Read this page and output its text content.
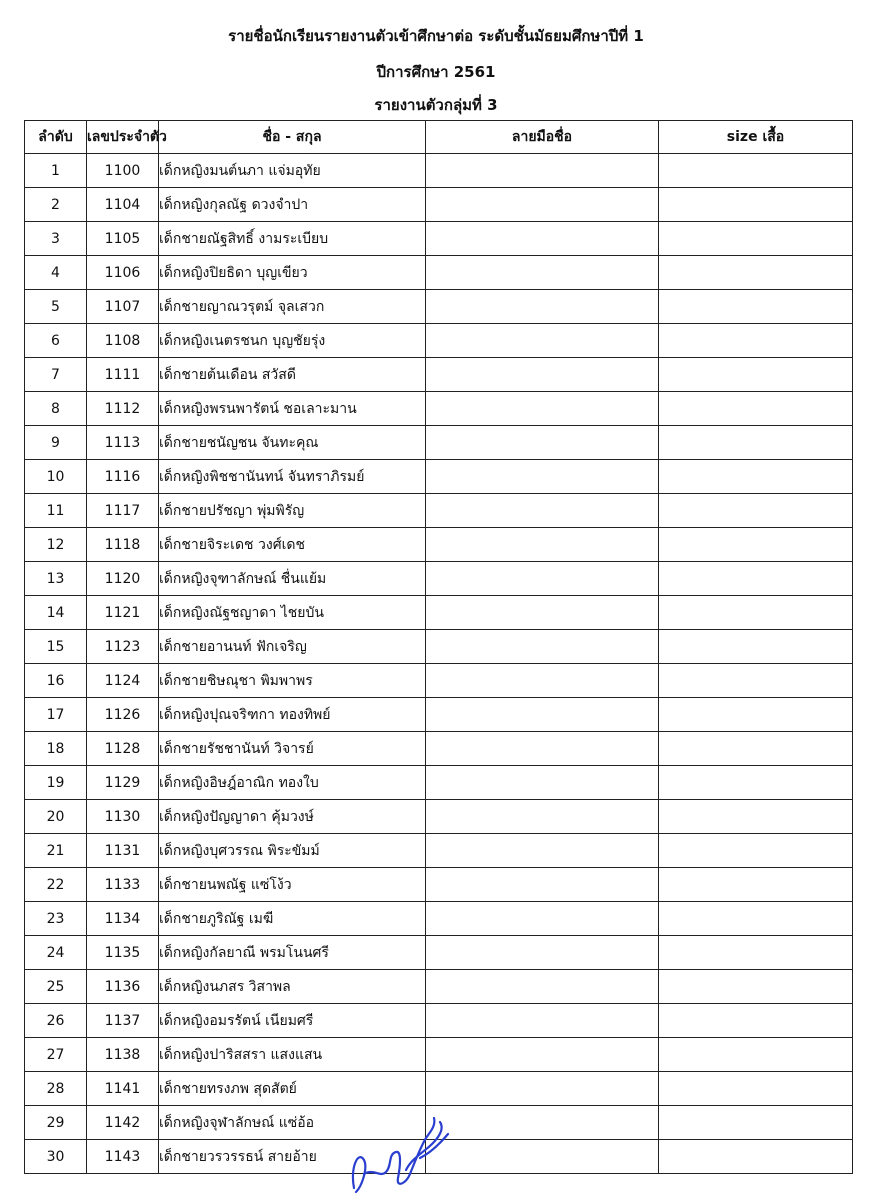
รายชื่อนักเรียนรายงานตัวเข้าศึกษาต่อ ระดับชั้นมัธยมศึกษาปีที่ 1
ปีการศึกษา 2561
รายงานตัวกลุ่มที่ 3
ลำดับ	เลขประจำตัว	ชื่อ - สกุล	ลายมือชื่อ	size เสื้อ
1	1100	เด็กหญิงมนต์นภา แจ่มอุทัย		
2	1104	เด็กหญิงกุลณัฐ ดวงจำปา		
3	1105	เด็กชายณัฐสิทธิ์ งามระเบียบ		
4	1106	เด็กหญิงปิยธิดา บุญเขียว		
5	1107	เด็กชายญาณวรุตม์ จุลเสวก		
6	1108	เด็กหญิงเนตรชนก บุญชัยรุ่ง		
7	1111	เด็กชายต้นเดือน สวัสดี		
8	1112	เด็กหญิงพรนพารัตน์ ชอเลาะมาน		
9	1113	เด็กชายชนัญชน จันทะคุณ		
10	1116	เด็กหญิงพิชชานันทน์ จันทราภิรมย์		
11	1117	เด็กชายปรัชญา พุ่มพิรัญ		
12	1118	เด็กชายจิระเดช วงศ์เดช		
13	1120	เด็กหญิงจุฑาลักษณ์ ชื่นแย้ม		
14	1121	เด็กหญิงณัฐชญาดา ไชยบัน		
15	1123	เด็กชายอานนท์ ฟักเจริญ		
16	1124	เด็กชายชิษณุชา พิมพาพร		
17	1126	เด็กหญิงปุณจริฑกา ทองทิพย์		
18	1128	เด็กชายรัชชานันท์ วิจารย์		
19	1129	เด็กหญิงอิษฎ์อาณิก ทองใบ		
20	1130	เด็กหญิงปัญญาดา คุ้มวงษ์		
21	1131	เด็กหญิงบุศวรรณ พิระขัมม์		
22	1133	เด็กชายนพณัฐ แซ่โง้ว		
23	1134	เด็กชายภูริณัฐ เมฆี		
24	1135	เด็กหญิงกัลยาณี พรมโนนศรี		
25	1136	เด็กหญิงนภสร วิสาพล		
26	1137	เด็กหญิงอมรรัตน์ เนียมศรี		
27	1138	เด็กหญิงปาริสสรา แสงแสน		
28	1141	เด็กชายทรงภพ สุดสัตย์		
29	1142	เด็กหญิงจุฬาลักษณ์ แซ่อ้อ		
30	1143	เด็กชายวรวรรธน์ สายอ้าย		
